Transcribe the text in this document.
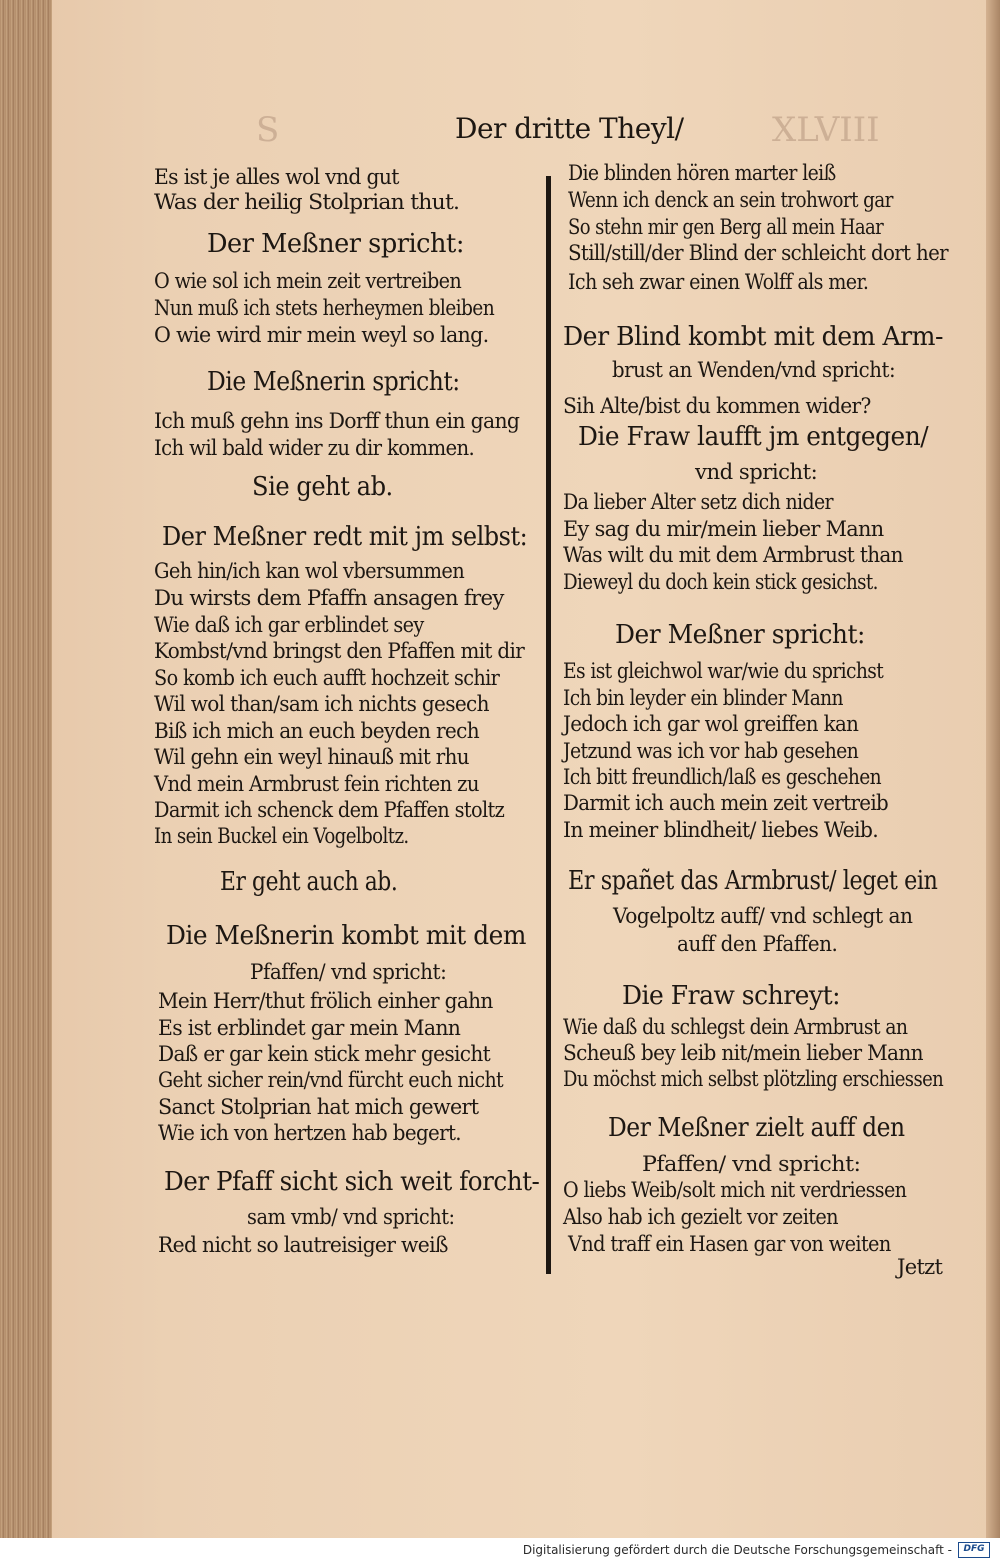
S	XLVIII

Der dritte Theyl/

Es ist je alles wol vnd gut

Was der heilig Stolprian thut.

Der Meßner spricht:

O wie sol ich mein zeit vertreiben

Nun muß ich stets herheymen bleiben

O wie wird mir mein weyl so lang.

Die Meßnerin spricht:

Ich muß gehn ins Dorff thun ein gang

Ich wil bald wider zu dir kommen.

Sie geht ab.

Der Meßner redt mit jm selbst:

Geh hin/ich kan wol vbersummen

Du wirsts dem Pfaffn ansagen frey

Wie daß ich gar erblindet sey

Kombst/vnd bringst den Pfaffen mit dir

So komb ich euch aufft hochzeit schir

Wil wol than/sam ich nichts gesech

Biß ich mich an euch beyden rech

Wil gehn ein weyl hinauß mit rhu

Vnd mein Armbrust fein richten zu

Darmit ich schenck dem Pfaffen stoltz

In sein Buckel ein Vogelboltz.

Er geht auch ab.

Die Meßnerin kombt mit dem

Pfaffen/ vnd spricht:

Mein Herr/thut frölich einher gahn

Es ist erblindet gar mein Mann

Daß er gar kein stick mehr gesicht

Geht sicher rein/vnd fürcht euch nicht

Sanct Stolprian hat mich gewert

Wie ich von hertzen hab begert.

Der Pfaff sicht sich weit forcht-

sam vmb/ vnd spricht:

Red nicht so lautreisiger weiß

Die blinden hören marter leiß

Wenn ich denck an sein trohwort gar

So stehn mir gen Berg all mein Haar

Still/still/der Blind der schleicht dort her

Ich seh zwar einen Wolff als mer.

Der Blind kombt mit dem Arm-

brust an Wenden/vnd spricht:

Sih Alte/bist du kommen wider?

Die Fraw laufft jm entgegen/

vnd spricht:

Da lieber Alter setz dich nider

Ey sag du mir/mein lieber Mann

Was wilt du mit dem Armbrust than

Dieweyl du doch kein stick gesichst.

Der Meßner spricht:

Es ist gleichwol war/wie du sprichst

Ich bin leyder ein blinder Mann

Jedoch ich gar wol greiffen kan

Jetzund was ich vor hab gesehen

Ich bitt freundlich/laß es geschehen

Darmit ich auch mein zeit vertreib

In meiner blindheit/ liebes Weib.

Er spañet das Armbrust/ leget ein

Vogelpoltz auff/ vnd schlegt an

auff den Pfaffen.

Die Fraw schreyt:

Wie daß du schlegst dein Armbrust an

Scheuß bey leib nit/mein lieber Mann

Du möchst mich selbst plötzling erschiessen

Der Meßner zielt auff den

Pfaffen/ vnd spricht:

O liebs Weib/solt mich nit verdriessen

Also hab ich gezielt vor zeiten

Vnd traff ein Hasen gar von weiten

Jetzt

Digitalisierung gefördert durch die Deutsche Forschungsgemeinschaft -	DFG
